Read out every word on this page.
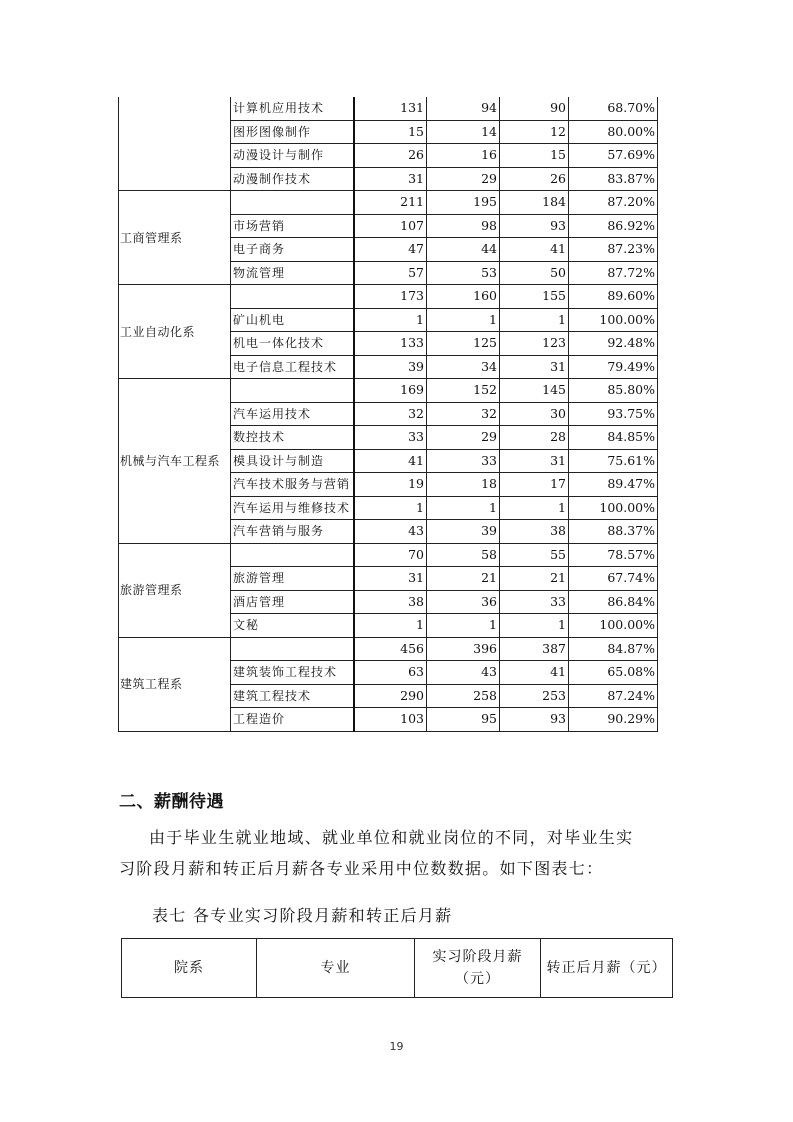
	计算机应用技术	131	94	90	68.70%
	图形图像制作	15	14	12	80.00%
	动漫设计与制作	26	16	15	57.69%
	动漫制作技术	31	29	26	83.87%
工商管理系		211	195	184	87.20%
	市场营销	107	98	93	86.92%
	电子商务	47	44	41	87.23%
	物流管理	57	53	50	87.72%
工业自动化系		173	160	155	89.60%
	矿山机电	1	1	1	100.00%
	机电一体化技术	133	125	123	92.48%
	电子信息工程技术	39	34	31	79.49%
机械与汽车工程系		169	152	145	85.80%
	汽车运用技术	32	32	30	93.75%
	数控技术	33	29	28	84.85%
	模具设计与制造	41	33	31	75.61%
	汽车技术服务与营销	19	18	17	89.47%
	汽车运用与维修技术	1	1	1	100.00%
	汽车营销与服务	43	39	38	88.37%
旅游管理系		70	58	55	78.57%
	旅游管理	31	21	21	67.74%
	酒店管理	38	36	33	86.84%
	文秘	1	1	1	100.00%
建筑工程系		456	396	387	84.87%
	建筑装饰工程技术	63	43	41	65.08%
	建筑工程技术	290	258	253	87.24%
	工程造价	103	95	93	90.29%
二、薪酬待遇
由于毕业生就业地域、就业单位和就业岗位的不同，对毕业生实
习阶段月薪和转正后月薪各专业采用中位数数据。如下图表七：
表七 各专业实习阶段月薪和转正后月薪
院系	专业	实习阶段月薪（元）	转正后月薪（元）
19
